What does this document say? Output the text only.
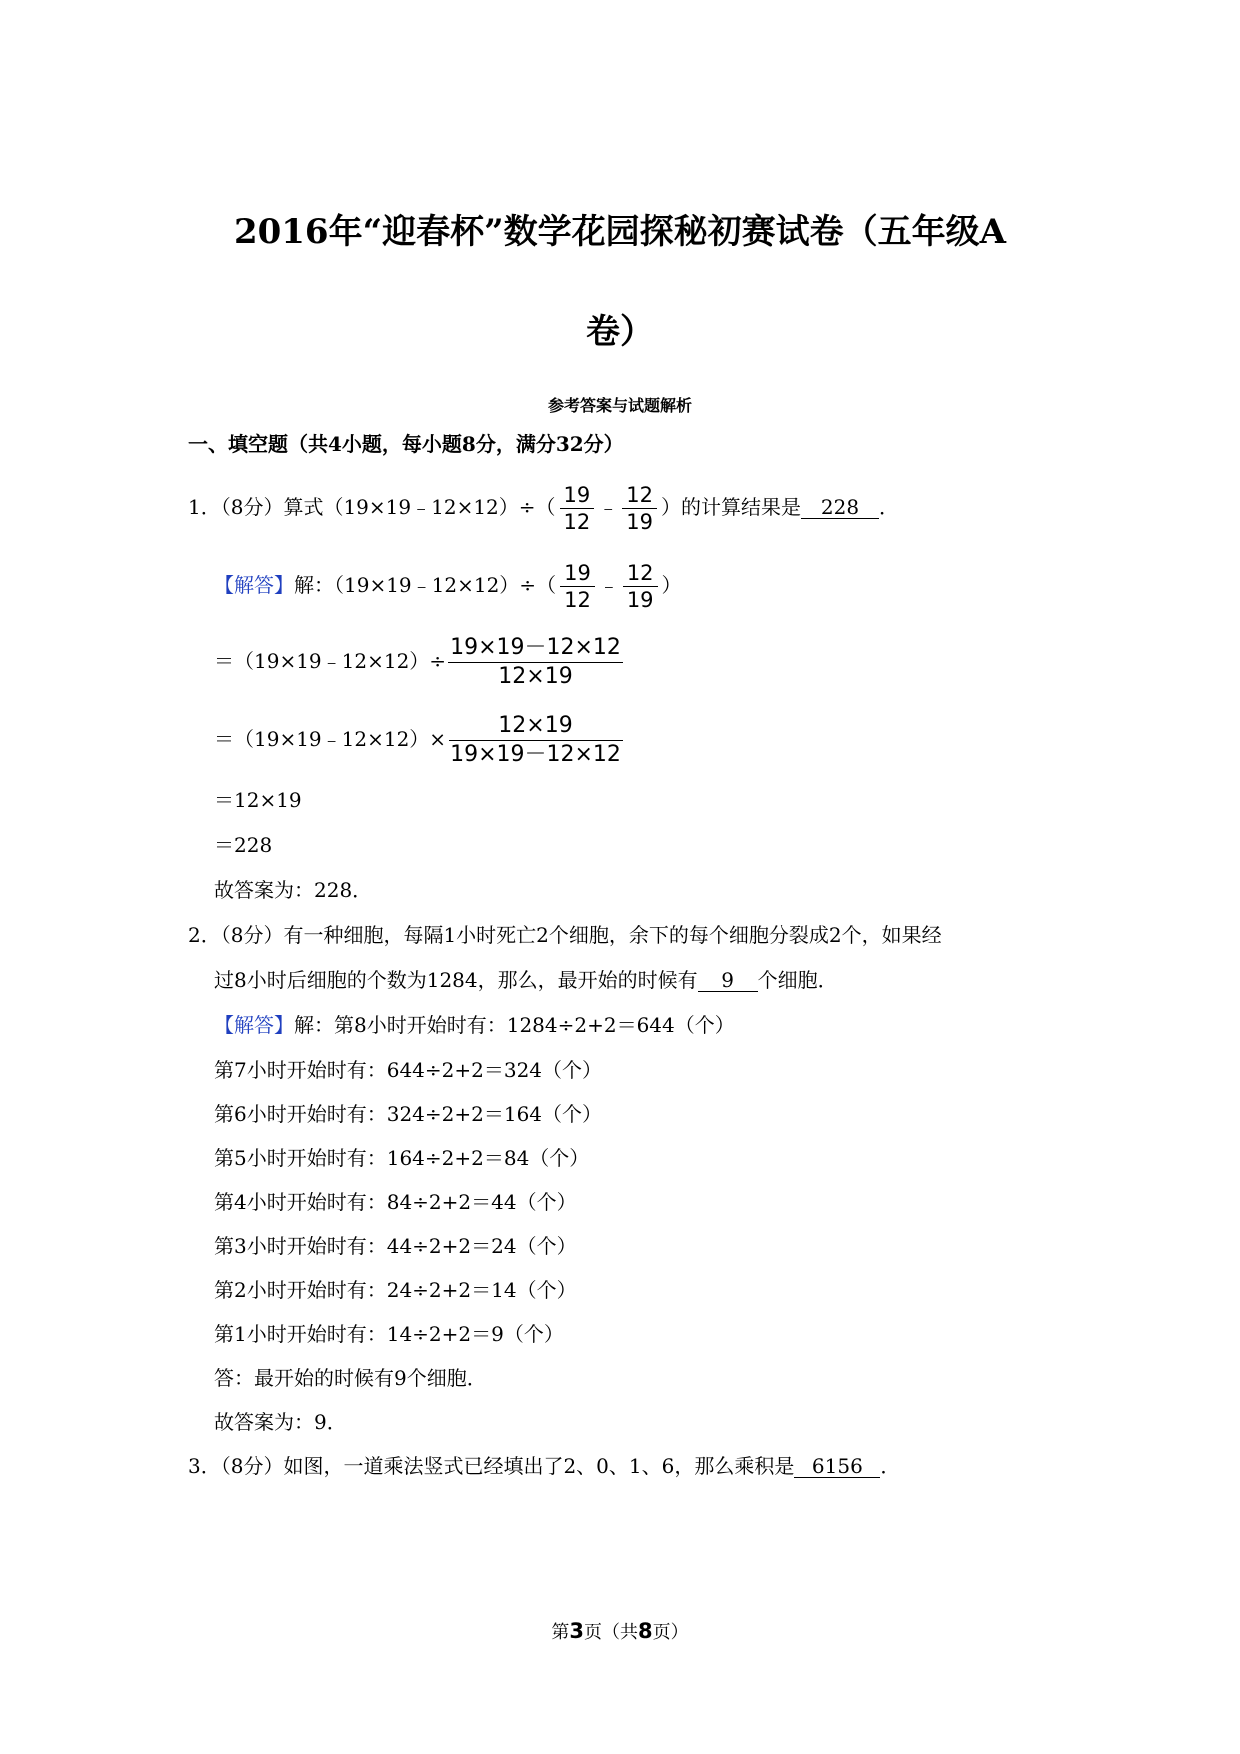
2016年“迎春杯”数学花园探秘初赛试卷（五年级A
卷）
参考答案与试题解析
一、填空题（共4小题，每小题8分，满分32分）
1．（8分）算式（19×19﹣12×12）÷（ $\frac{19}{12}$ ﹣ $\frac{12}{19}$ ）的计算结果是 228 ．
【解答】解：（19×19﹣12×12）÷（ $\frac{19}{12}$ ﹣ $\frac{12}{19}$ ）
＝（19×19﹣12×12）÷ $\frac{19\times 19-12\times 12}{12\times 19}$
＝（19×19﹣12×12）× $\frac{12\times 19}{19\times 19-12\times 12}$
＝12×19
＝228
故答案为：228．
2．（8分）有一种细胞，每隔1小时死亡2个细胞，余下的每个细胞分裂成2个，如果经
过8小时后细胞的个数为1284，那么，最开始的时候有 9 个细胞．
【解答】解：第8小时开始时有：1284÷2+2＝644（个）
第7小时开始时有：644÷2+2＝324（个）
第6小时开始时有：324÷2+2＝164（个）
第5小时开始时有：164÷2+2＝84（个）
第4小时开始时有：84÷2+2＝44（个）
第3小时开始时有：44÷2+2＝24（个）
第2小时开始时有：24÷2+2＝14（个）
第1小时开始时有：14÷2+2＝9（个）
答：最开始的时候有9个细胞．
故答案为：9．
3．（8分）如图，一道乘法竖式已经填出了2、0、1、6，那么乘积是 6156 ．
第3页（共8页）
